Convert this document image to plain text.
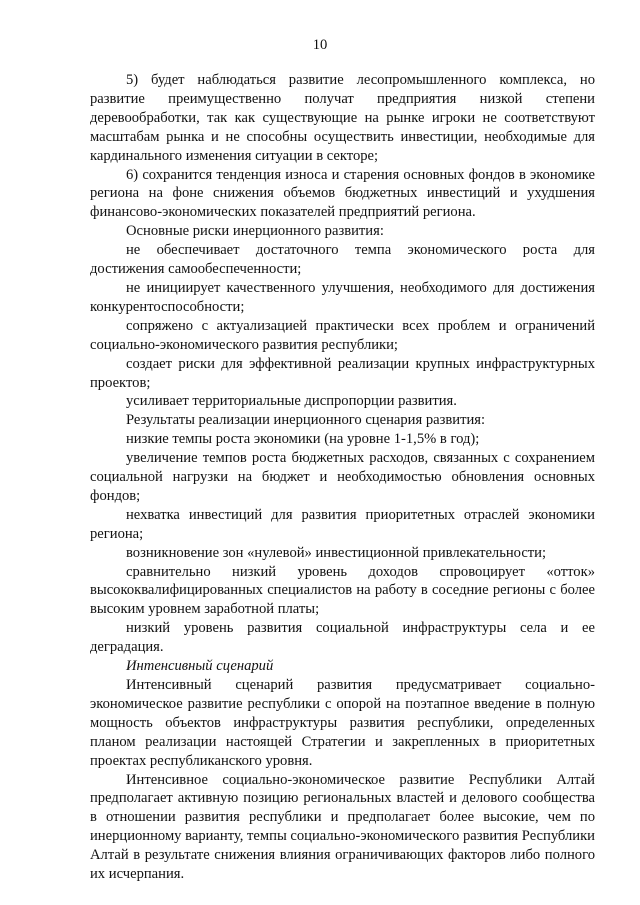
10

5) будет наблюдаться развитие лесопромышленного комплекса, но развитие преимущественно получат предприятия низкой степени деревообработки, так как существующие на рынке игроки не соответствуют масштабам рынка и не способны осуществить инвестиции, необходимые для кардинального изменения ситуации в секторе;

6) сохранится тенденция износа и старения основных фондов в экономике региона на фоне снижения объемов бюджетных инвестиций и ухудшения финансово-экономических показателей предприятий региона.

Основные риски инерционного развития:

не обеспечивает достаточного темпа экономического роста для достижения самообеспеченности;

не инициирует качественного улучшения, необходимого для достижения конкурентоспособности;

сопряжено с актуализацией практически всех проблем и ограничений социально-экономического развития республики;

создает риски для эффективной реализации крупных инфраструктурных проектов;

усиливает территориальные диспропорции развития.

Результаты реализации инерционного сценария развития:

низкие темпы роста экономики (на уровне 1-1,5% в год);

увеличение темпов роста бюджетных расходов, связанных с сохранением социальной нагрузки на бюджет и необходимостью обновления основных фондов;

нехватка инвестиций для развития приоритетных отраслей экономики региона;

возникновение зон «нулевой» инвестиционной привлекательности;

сравнительно низкий уровень доходов спровоцирует «отток» высококвалифицированных специалистов на работу в соседние регионы с более высоким уровнем заработной платы;

низкий уровень развития социальной инфраструктуры села и ее деградация.

Интенсивный сценарий

Интенсивный сценарий развития предусматривает социально-экономическое развитие республики с опорой на поэтапное введение в полную мощность объектов инфраструктуры развития республики, определенных планом реализации настоящей Стратегии и закрепленных в приоритетных проектах республиканского уровня.

Интенсивное социально-экономическое развитие Республики Алтай предполагает активную позицию региональных властей и делового сообщества в отношении развития республики и предполагает более высокие, чем по инерционному варианту, темпы социально-экономического развития Республики Алтай в результате снижения влияния ограничивающих факторов либо полного их исчерпания.
